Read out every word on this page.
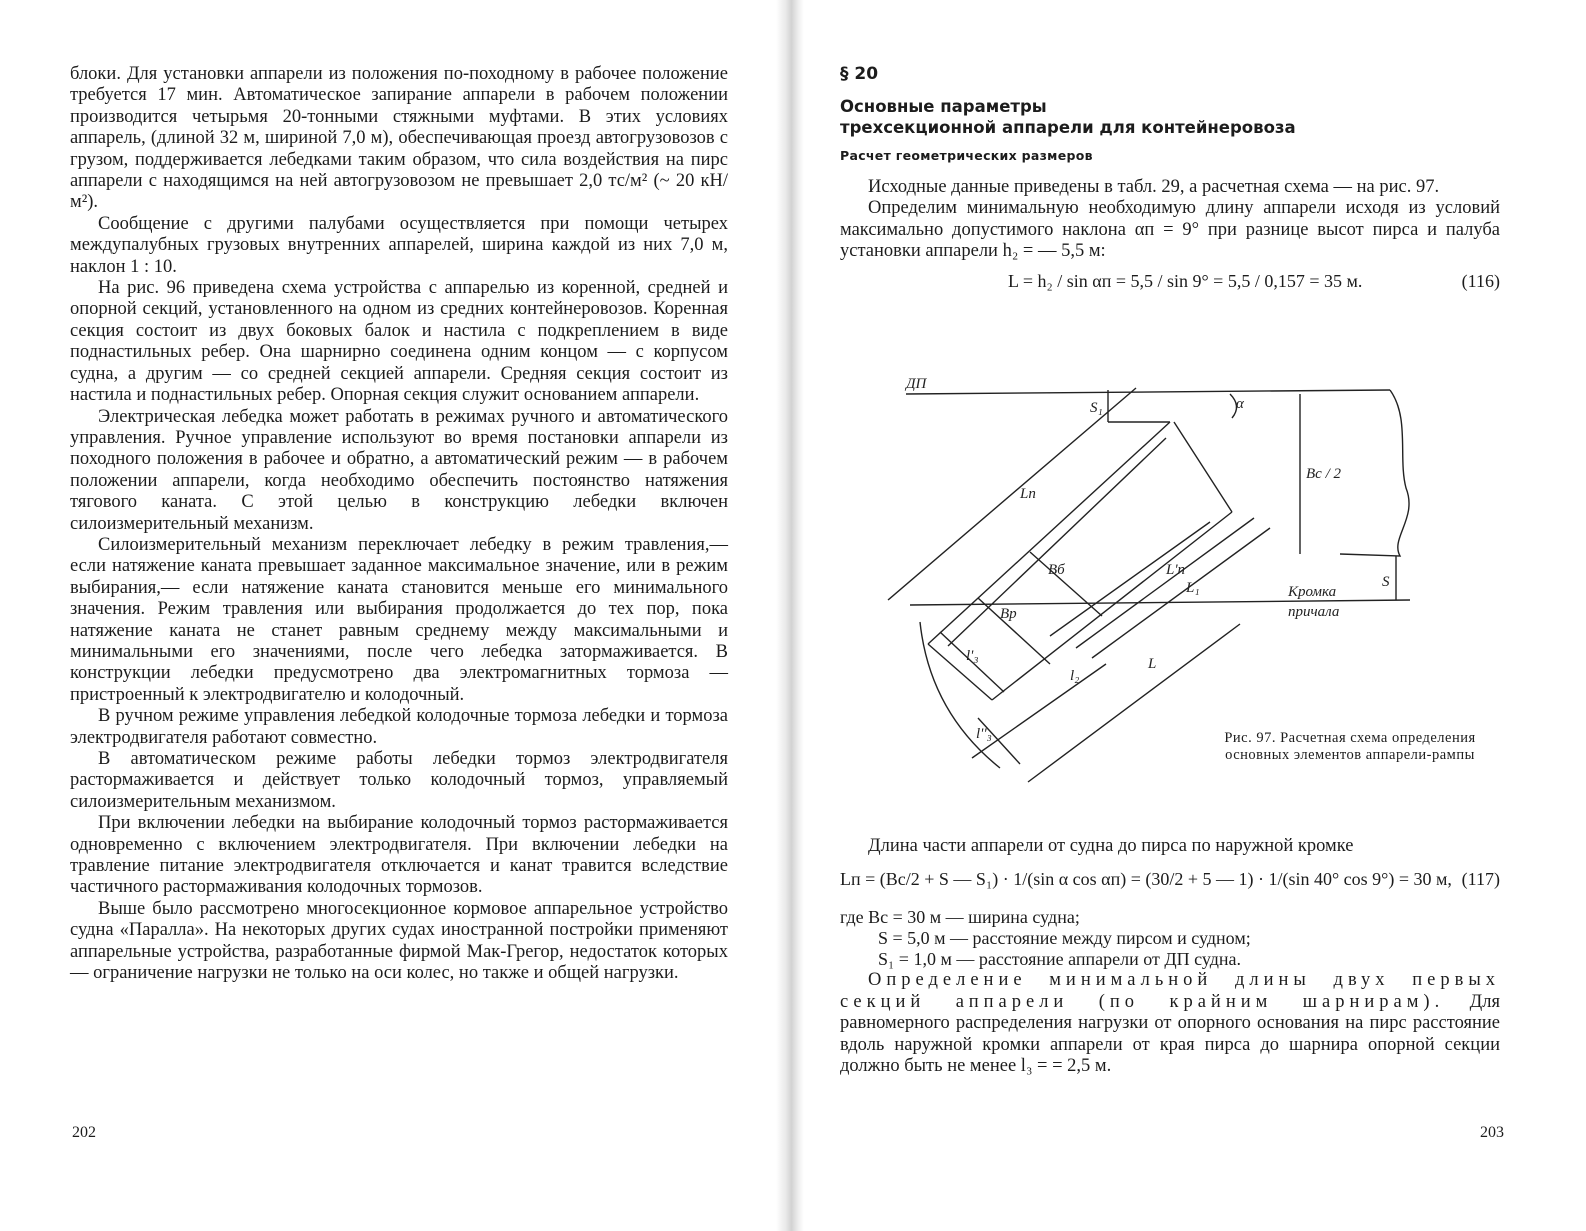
блоки. Для установки аппарели из положения по-походному в рабочее положение требуется 17 мин. Автоматическое запирание аппарели в рабочем положении производится четырьмя 20-тонными стяжными муфтами. В этих условиях аппарель, (длиной 32 м, шириной 7,0 м), обеспечивающая проезд автогрузовозов с грузом, поддерживается лебедками таким образом, что сила воздействия на пирс аппарели с находящимся на ней автогрузовозом не превышает 2,0 тс/м² (~ 20 кН/м²).

Сообщение с другими палубами осуществляется при помощи четырех междупалубных грузовых внутренних аппарелей, ширина каждой из них 7,0 м, наклон 1 : 10.

На рис. 96 приведена схема устройства с аппарелью из коренной, средней и опорной секций, установленного на одном из средних контейнеровозов. Коренная секция состоит из двух боковых балок и настила с подкреплением в виде поднастильных ребер. Она шарнирно соединена одним концом — с корпусом судна, а другим — со средней секцией аппарели. Средняя секция состоит из настила и поднастильных ребер. Опорная секция служит основанием аппарели.

Электрическая лебедка может работать в режимах ручного и автоматического управления. Ручное управление используют во время постановки аппарели из походного положения в рабочее и обратно, а автоматический режим — в рабочем положении аппарели, когда необходимо обеспечить постоянство натяжения тягового каната. С этой целью в конструкцию лебедки включен силоизмерительный механизм.

Силоизмерительный механизм переключает лебедку в режим травления,— если натяжение каната превышает заданное максимальное значение, или в режим выбирания,— если натяжение каната становится меньше его минимального значения. Режим травления или выбирания продолжается до тех пор, пока натяжение каната не станет равным среднему между максимальными и минимальными его значениями, после чего лебедка затормаживается. В конструкции лебедки предусмотрено два электромагнитных тормоза — пристроенный к электродвигателю и колодочный.

В ручном режиме управления лебедкой колодочные тормоза лебедки и тормоза электродвигателя работают совместно.

В автоматическом режиме работы лебедки тормоз электродвигателя растормаживается и действует только колодочный тормоз, управляемый силоизмерительным механизмом.

При включении лебедки на выбирание колодочный тормоз растормаживается одновременно с включением электродвигателя. При включении лебедки на травление питание электродвигателя отключается и канат травится вследствие частичного растормаживания колодочных тормозов.

Выше было рассмотрено многосекционное кормовое аппарельное устройство судна «Паралла». На некоторых других судах иностранной постройки применяют аппарельные устройства, разработанные фирмой Мак-Грегор, недостаток которых — ограничение нагрузки не только на оси колес, но также и общей нагрузки.

202
§ 20
Основные параметры
трехсекционной аппарели для контейнеровоза
Расчет геометрических размеров

Исходные данные приведены в табл. 29, а расчетная схема — на рис. 97.

Определим минимальную необходимую длину аппарели исходя из условий максимально допустимого наклона αп = 9° при разнице высот пирса и палуба установки аппарели h₂ = — 5,5 м:

L = h₂ / sin αп = 5,5 / sin 9° = 5,5 / 0,157 = 35 м.	(116)
ДП
S₁	α
Bс / 2
Lп
Bб
Bр
L'п
L₁
l'₃
l₂
L
l''₃
S
Кромка
причала
Рис. 97. Расчетная схема определения основных элементов аппарели-рампы

Длина части аппарели от судна до пирса по наружной кромке

Lп = (Bс/2 + S — S₁) · 1/(sin α cos αп) = (30/2 + 5 — 1) · 1/(sin 40° cos 9°) = 30 м, (117)
где Bс = 30 м — ширина судна;
S = 5,0 м — расстояние между пирсом и судном;
S₁ = 1,0 м — расстояние аппарели от ДП судна.

Определение минимальной длины двух первых секций аппарели (по крайним шарнирам). Для равномерного распределения нагрузки от опорного основания на пирс расстояние вдоль наружной кромки аппарели от края пирса до шарнира опорной секции должно быть не менее l₃ = = 2,5 м.

203
